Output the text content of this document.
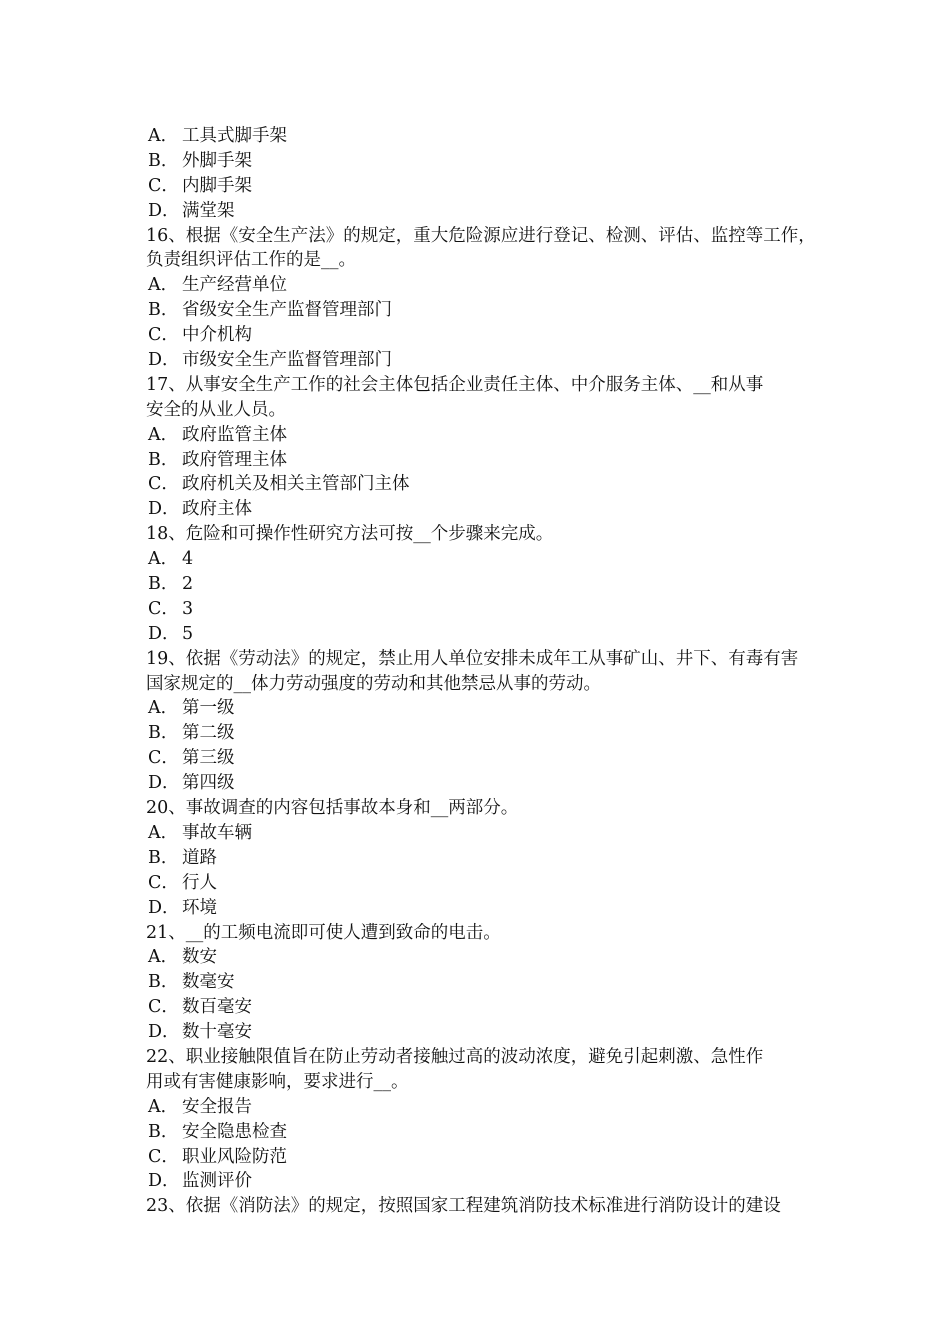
A． 工具式脚手架
B． 外脚手架
C． 内脚手架
D． 满堂架
16、根据《安全生产法》的规定，重大危险源应进行登记、检测、评估、监控等工作，
负责组织评估工作的是__。
A． 生产经营单位
B． 省级安全生产监督管理部门
C． 中介机构
D． 市级安全生产监督管理部门
17、从事安全生产工作的社会主体包括企业责任主体、中介服务主体、__和从事
安全的从业人员。
A． 政府监管主体
B． 政府管理主体
C． 政府机关及相关主管部门主体
D． 政府主体
18、危险和可操作性研究方法可按__个步骤来完成。
A． 4
B． 2
C． 3
D． 5
19、依据《劳动法》的规定，禁止用人单位安排未成年工从事矿山、井下、有毒有害
国家规定的__体力劳动强度的劳动和其他禁忌从事的劳动。
A． 第一级
B． 第二级
C． 第三级
D． 第四级
20、事故调查的内容包括事故本身和__两部分。
A． 事故车辆
B． 道路
C． 行人
D． 环境
21、__的工频电流即可使人遭到致命的电击。
A． 数安
B． 数毫安
C． 数百毫安
D． 数十毫安
22、职业接触限值旨在防止劳动者接触过高的波动浓度，避免引起刺激、急性作
用或有害健康影响，要求进行__。
A． 安全报告
B． 安全隐患检查
C． 职业风险防范
D． 监测评价
23、依据《消防法》的规定，按照国家工程建筑消防技术标准进行消防设计的建设
